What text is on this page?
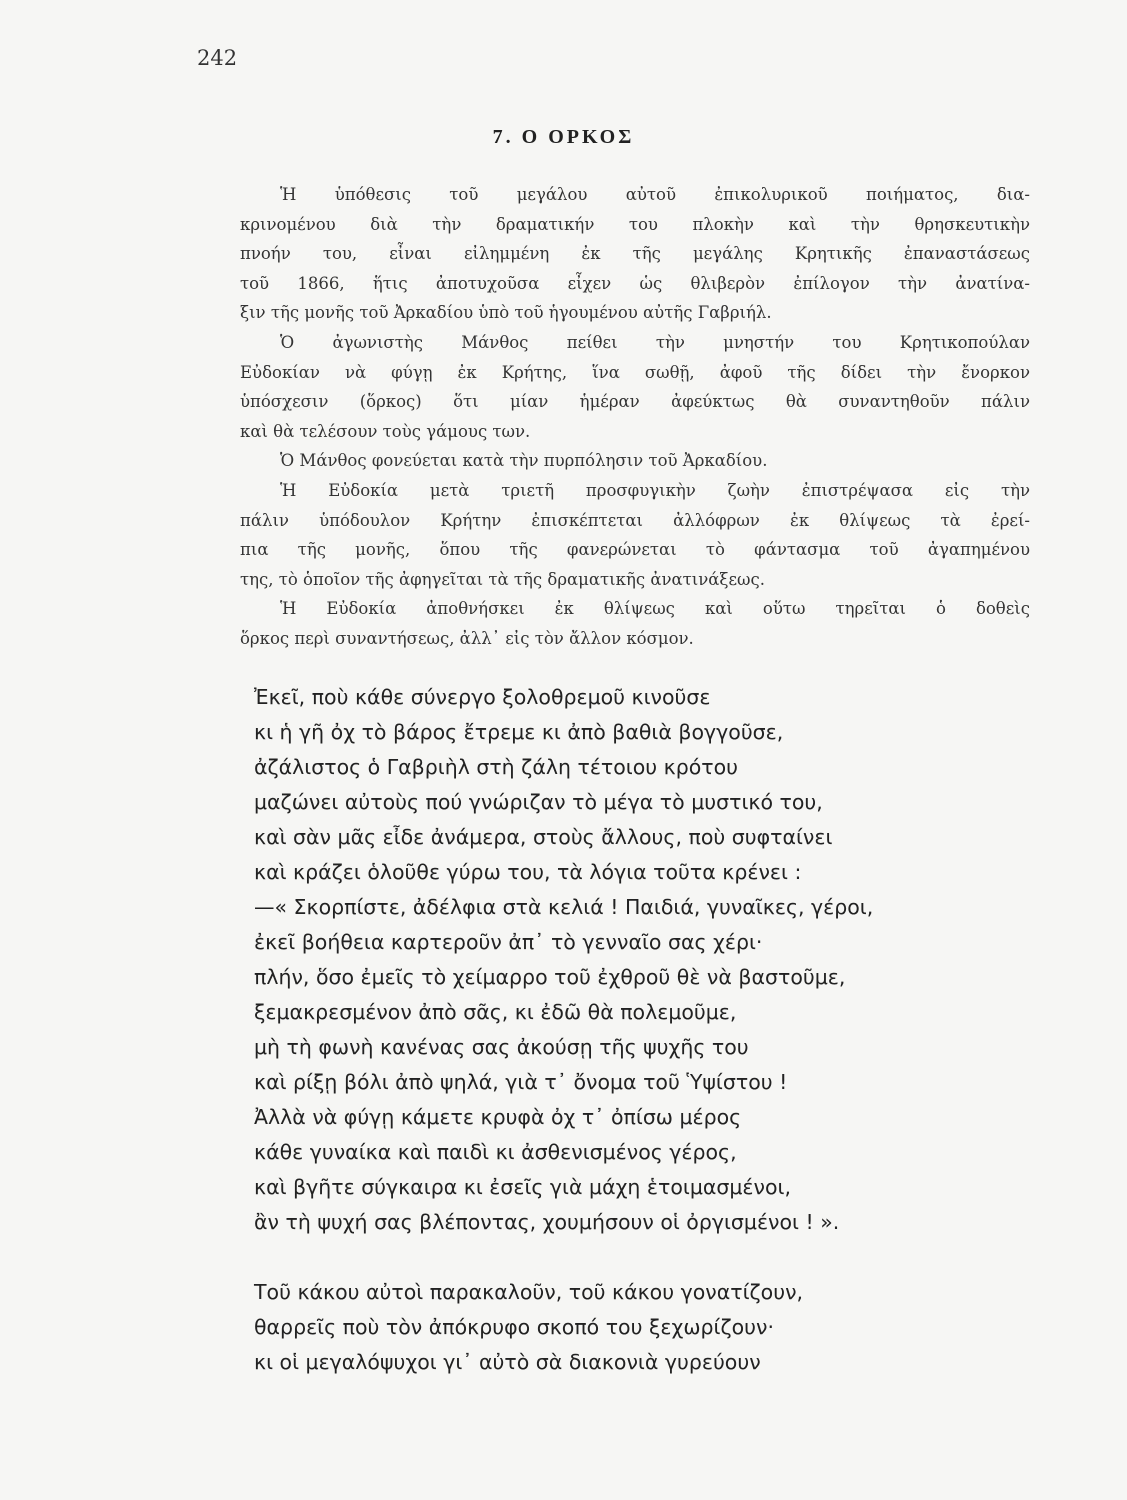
242
7. Ο ΟΡΚΟΣ
Ἡ ὑπόθεσις τοῦ μεγάλου αὐτοῦ ἐπικολυρικοῦ ποιήματος, δια-
κρινομένου διὰ τὴν δραματικήν του πλοκὴν καὶ τὴν θρησκευτικὴν
πνοήν του, εἶναι εἰλημμένη ἐκ τῆς μεγάλης Κρητικῆς ἐπαναστάσεως
τοῦ 1866, ἥτις ἀποτυχοῦσα εἶχεν ὡς θλιβερὸν ἐπίλογον τὴν ἀνατίνα-
ξιν τῆς μονῆς τοῦ Ἀρκαδίου ὑπὸ τοῦ ἡγουμένου αὐτῆς Γαβριήλ.
Ὁ ἀγωνιστὴς Μάνθος πείθει τὴν μνηστήν του Κρητικοπούλαν
Εὐδοκίαν νὰ φύγῃ ἐκ Κρήτης, ἵνα σωθῇ, ἀφοῦ τῆς δίδει τὴν ἔνορκον
ὑπόσχεσιν (ὅρκος) ὅτι μίαν ἡμέραν ἀφεύκτως θὰ συναντηθοῦν πάλιν
καὶ θὰ τελέσουν τοὺς γάμους των.
Ὁ Μάνθος φονεύεται κατὰ τὴν πυρπόλησιν τοῦ Ἀρκαδίου.
Ἡ Εὐδοκία μετὰ τριετῆ προσφυγικὴν ζωὴν ἐπιστρέψασα εἰς τὴν
πάλιν ὑπόδουλον Κρήτην ἐπισκέπτεται ἀλλόφρων ἐκ θλίψεως τὰ ἐρεί-
πια τῆς μονῆς, ὅπου τῆς φανερώνεται τὸ φάντασμα τοῦ ἀγαπημένου
της, τὸ ὁποῖον τῆς ἀφηγεῖται τὰ τῆς δραματικῆς ἀνατινάξεως.
Ἡ Εὐδοκία ἀποθνήσκει ἐκ θλίψεως καὶ οὕτω τηρεῖται ὁ δοθεὶς
ὅρκος περὶ συναντήσεως, ἀλλ᾽ εἰς τὸν ἄλλον κόσμον.
Ἐκεῖ, ποὺ κάθε σύνεργο ξολοθρεμοῦ κινοῦσε
κι ἡ γῆ ὀχ τὸ βάρος ἔτρεμε κι ἀπὸ βαθιὰ βογγοῦσε,
ἀζάλιστος ὁ Γαβριὴλ στὴ ζάλη τέτοιου κρότου
μαζώνει αὐτοὺς πού γνώριζαν τὸ μέγα τὸ μυστικό του,
καὶ σὰν μᾶς εἶδε ἀνάμερα, στοὺς ἄλλους, ποὺ συφταίνει
καὶ κράζει ὁλοῦθε γύρω του, τὰ λόγια τοῦτα κρένει :
—« Σκορπίστε, ἀδέλφια στὰ κελιά ! Παιδιά, γυναῖκες, γέροι,
ἐκεῖ βοήθεια καρτεροῦν ἀπ᾽ τὸ γενναῖο σας χέρι·
πλήν, ὅσο ἐμεῖς τὸ χείμαρρο τοῦ ἐχθροῦ θὲ νὰ βαστοῦμε,
ξεμακρεσμένον ἀπὸ σᾶς, κι ἐδῶ θὰ πολεμοῦμε,
μὴ τὴ φωνὴ κανένας σας ἀκούσῃ τῆς ψυχῆς του
καὶ ρίξῃ βόλι ἀπὸ ψηλά, γιὰ τ᾽ ὄνομα τοῦ Ὑψίστου !
Ἀλλὰ νὰ φύγῃ κάμετε κρυφὰ ὀχ τ᾽ ὀπίσω μέρος
κάθε γυναίκα καὶ παιδὶ κι ἀσθενισμένος γέρος,
καὶ βγῆτε σύγκαιρα κι ἐσεῖς γιὰ μάχη ἑτοιμασμένοι,
ἂν τὴ ψυχή σας βλέποντας, χουμήσουν οἱ ὀργισμένοι ! ».
Τοῦ κάκου αὐτοὶ παρακαλοῦν, τοῦ κάκου γονατίζουν,
θαρρεῖς ποὺ τὸν ἀπόκρυφο σκοπό του ξεχωρίζουν·
κι οἱ μεγαλόψυχοι γι᾽ αὐτὸ σὰ διακονιὰ γυρεύουν
